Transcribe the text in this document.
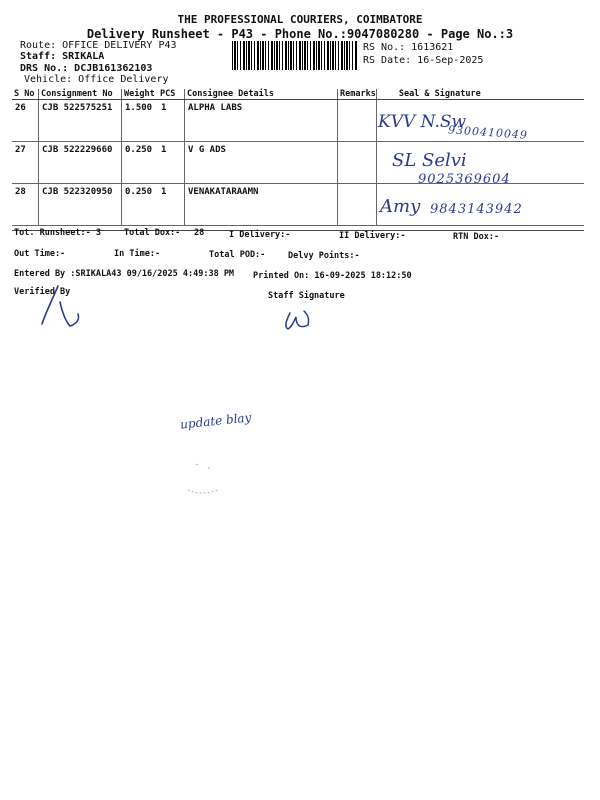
THE PROFESSIONAL COURIERS, COIMBATORE
Delivery Runsheet - P43 - Phone No.:9047080280 - Page No.:3
Route: OFFICE DELIVERY P43
Staff: SRIKALA
DRS No.: DCJB161362103
Vehicle: Office Delivery
RS No.: 1613621
RS Date: 16-Sep-2025
S No	Consignment No	Weight	PCS	Consignee Details	Remarks	Seal & Signature
26	CJB 522575251	1.500	1	ALPHA LABS		
27	CJB 522229660	0.250	1	V G ADS		
28	CJB 522320950	0.250	1	VENAKATARAAMN		
KVV N.Sw
9300410049
SL Selvi
9025369604
Amy 9843143942
Tot. Runsheet:- 3	Total Dox:- 28	I Delivery:-	II Delivery:-	RTN Dox:-
Out Time:-	In Time:-	Total POD:-	Delvy Points:-
Entered By :SRIKALA43 09/16/2025 4:49:38 PM Printed On: 16-09-2025 18:12:50
Verified By	Staff Signature
update blay
